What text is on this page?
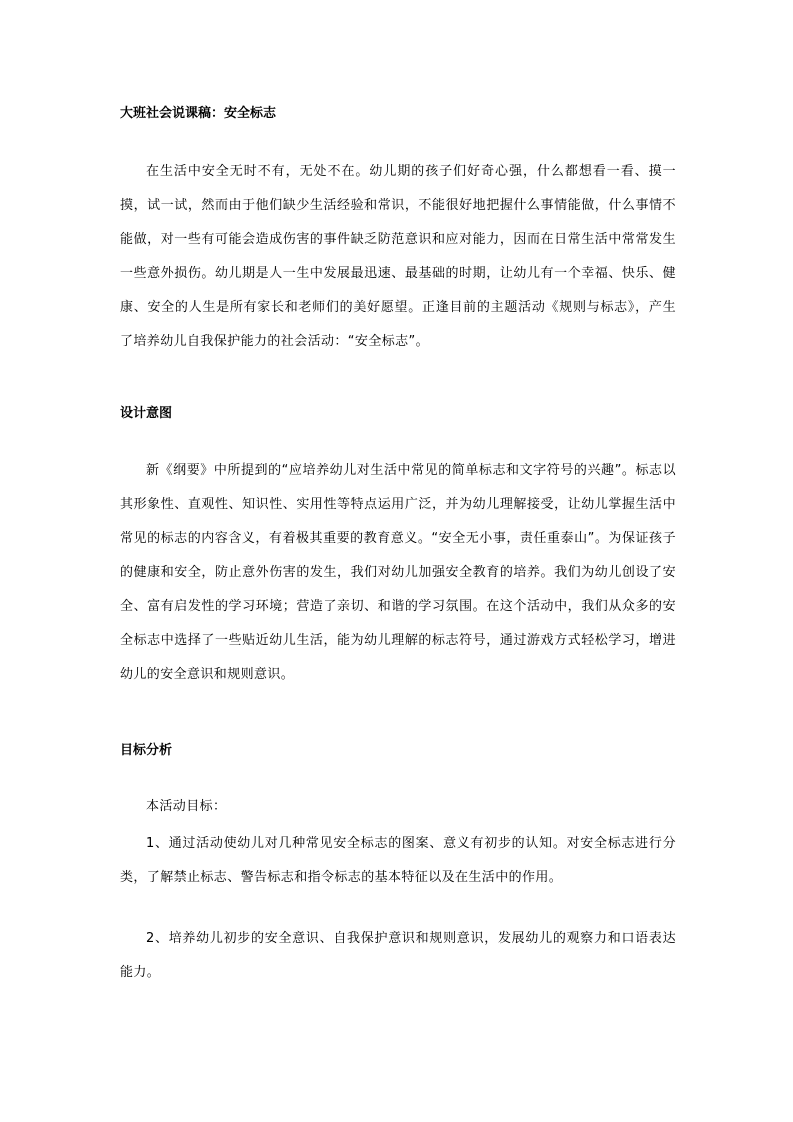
大班社会说课稿：安全标志

在生活中安全无时不有，无处不在。幼儿期的孩子们好奇心强，什么都想看一看、摸一摸，试一试，然而由于他们缺少生活经验和常识，不能很好地把握什么事情能做，什么事情不能做，对一些有可能会造成伤害的事件缺乏防范意识和应对能力，因而在日常生活中常常发生一些意外损伤。幼儿期是人一生中发展最迅速、最基础的时期，让幼儿有一个幸福、快乐、健康、安全的人生是所有家长和老师们的美好愿望。正逢目前的主题活动《规则与标志》，产生了培养幼儿自我保护能力的社会活动：“安全标志”。

设计意图

新《纲要》中所提到的“应培养幼儿对生活中常见的简单标志和文字符号的兴趣”。标志以其形象性、直观性、知识性、实用性等特点运用广泛，并为幼儿理解接受，让幼儿掌握生活中常见的标志的内容含义，有着极其重要的教育意义。“安全无小事，责任重泰山”。为保证孩子的健康和安全，防止意外伤害的发生，我们对幼儿加强安全教育的培养。我们为幼儿创设了安全、富有启发性的学习环境；营造了亲切、和谐的学习氛围。在这个活动中，我们从众多的安全标志中选择了一些贴近幼儿生活，能为幼儿理解的标志符号，通过游戏方式轻松学习，增进幼儿的安全意识和规则意识。

目标分析

本活动目标：

1、通过活动使幼儿对几种常见安全标志的图案、意义有初步的认知。对安全标志进行分类，了解禁止标志、警告标志和指令标志的基本特征以及在生活中的作用。

2、培养幼儿初步的安全意识、自我保护意识和规则意识，发展幼儿的观察力和口语表达能力。
